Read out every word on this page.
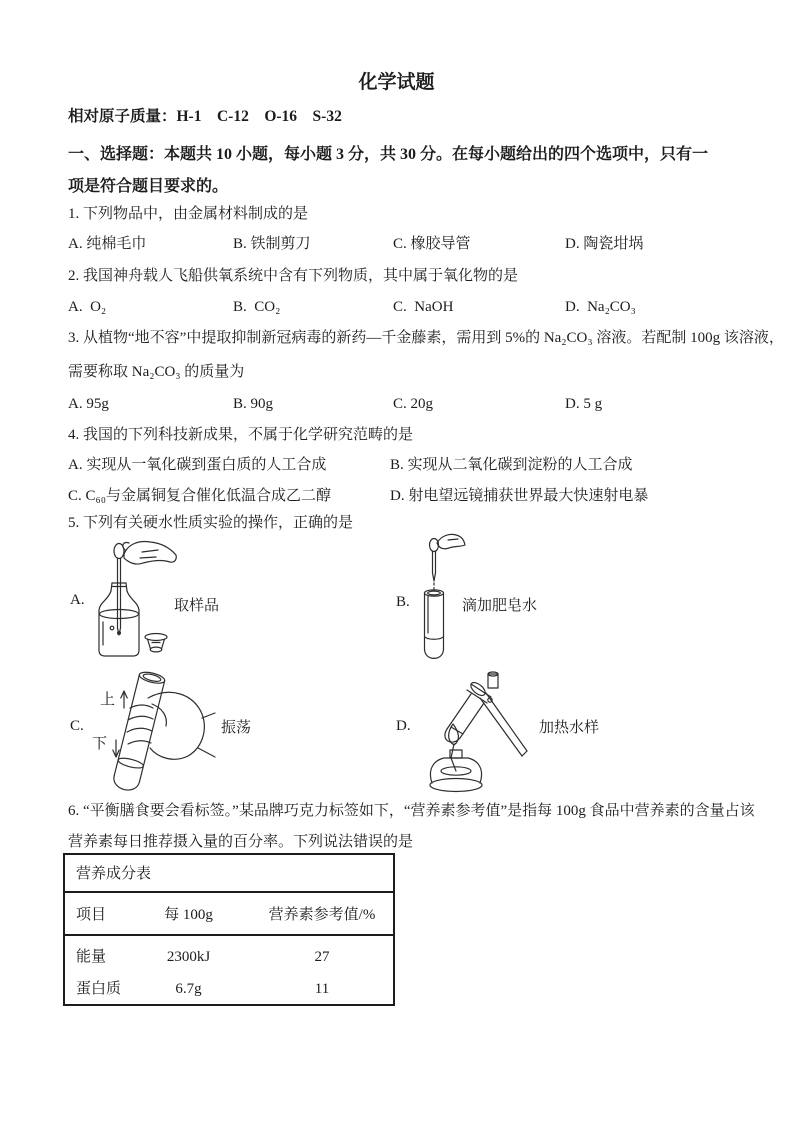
化学试题
相对原子质量：H-1    C-12    O-16    S-32
一、选择题：本题共 10 小题，每小题 3 分，共 30 分。在每小题给出的四个选项中，只有一
项是符合题目要求的。
1. 下列物品中，由金属材料制成的是
A. 纯棉毛巾	B. 铁制剪刀	C. 橡胶导管	D. 陶瓷坩埚
2. 我国神舟载人飞船供氧系统中含有下列物质，其中属于氧化物的是
A.  O₂	B.  CO₂	C.  NaOH	D.  Na₂CO₃
3. 从植物“地不容”中提取抑制新冠病毒的新药—千金藤素，需用到 5%的 Na₂CO₃ 溶液。若配制 100g 该溶液，
需要称取 Na₂CO₃ 的质量为
A. 95g	B. 90g	C. 20g	D. 5 g
4. 我国的下列科技新成果，不属于化学研究范畴的是
A. 实现从一氧化碳到蛋白质的人工合成	B. 实现从二氧化碳到淀粉的人工合成
C. C₆₀与金属铜复合催化低温合成乙二醇	D. 射电望远镜捕获世界最大快速射电暴
5. 下列有关硬水性质实验的操作，正确的是
A.	取样品	B.	滴加肥皂水
C.
上
下
振荡	D.	加热水样
6. “平衡膳食要会看标签。”某品牌巧克力标签如下，“营养素参考值”是指每 100g 食品中营养素的含量占该
营养素每日推荐摄入量的百分率。下列说法错误的是
营养成分表
项目	每 100g	营养素参考值/%
能量	2300kJ	27
蛋白质	6.7g	11
